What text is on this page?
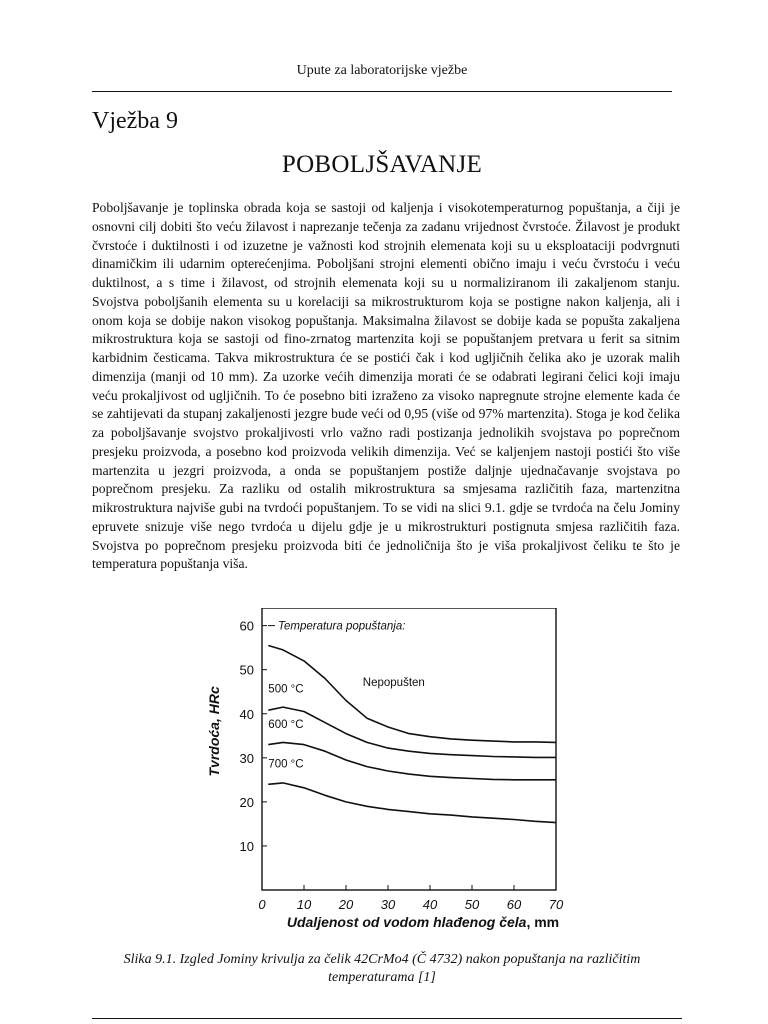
Upute za laboratorijske vježbe
Vježba 9
POBOLJŠAVANJE

Poboljšavanje je toplinska obrada koja se sastoji od kaljenja i visokotemperaturnog popuštanja, a čiji je osnovni cilj dobiti što veću žilavost i naprezanje tečenja za zadanu vrijednost čvrstoće. Žilavost je produkt čvrstoće i duktilnosti i od izuzetne je važnosti kod strojnih elemenata koji su u eksploataciji podvrgnuti dinamičkim ili udarnim opterećenjima. Poboljšani strojni elementi obično imaju i veću čvrstoću i veću duktilnost, a s time i žilavost, od strojnih elemenata koji su u normaliziranom ili zakaljenom stanju. Svojstva poboljšanih elementa su u korelaciji sa mikrostrukturom koja se postigne nakon kaljenja, ali i onom koja se dobije nakon visokog popuštanja. Maksimalna žilavost se dobije kada se popušta zakaljena mikrostruktura koja se sastoji od fino-zrnatog martenzita koji se popuštanjem pretvara u ferit sa sitnim karbidnim česticama. Takva mikrostruktura će se postići čak i kod ugljičnih čelika ako je uzorak malih dimenzija (manji od 10 mm). Za uzorke većih dimenzija morati će se odabrati legirani čelici koji imaju veću prokaljivost od ugljičnih. To će posebno biti izraženo za visoko napregnute strojne elemente kada će se zahtijevati da stupanj zakaljenosti jezgre bude veći od 0,95 (više od 97% martenzita). Stoga je kod čelika za poboljšavanje svojstvo prokaljivosti vrlo važno radi postizanja jednolikih svojstava po poprečnom presjeku proizvoda, a posebno kod proizvoda velikih dimenzija. Već se kaljenjem nastoji postići što više martenzita u jezgri proizvoda, a onda se popuštanjem postiže daljnje ujednačavanje svojstava po poprečnom presjeku. Za razliku od ostalih mikrostruktura sa smjesama različitih faza, martenzitna mikrostruktura najviše gubi na tvrdoći popuštanjem. To se vidi na slici 9.1. gdje se tvrdoća na čelu Jominy epruvete snizuje više nego tvrdoća u dijelu gdje je u mikrostrukturi postignuta smjesa različitih faza. Svojstva po poprečnom presjeku proizvoda biti će jednoličnija što je viša prokaljivost čeliku te što je temperatura popuštanja viša.

10
20
30
40
50
60
0 10 20 30 40 50 60 70
Udaljenost od vodom hlađenog čela, mm
Tvrdoća, HRc
Temperatura popuštanja:
Nepopušten
500 °C
600 °C
700 °C
Slika 9.1. Izgled Jominy krivulja za čelik 42CrMo4 (Č 4732) nakon popuštanja na različitim temperaturama [1]
